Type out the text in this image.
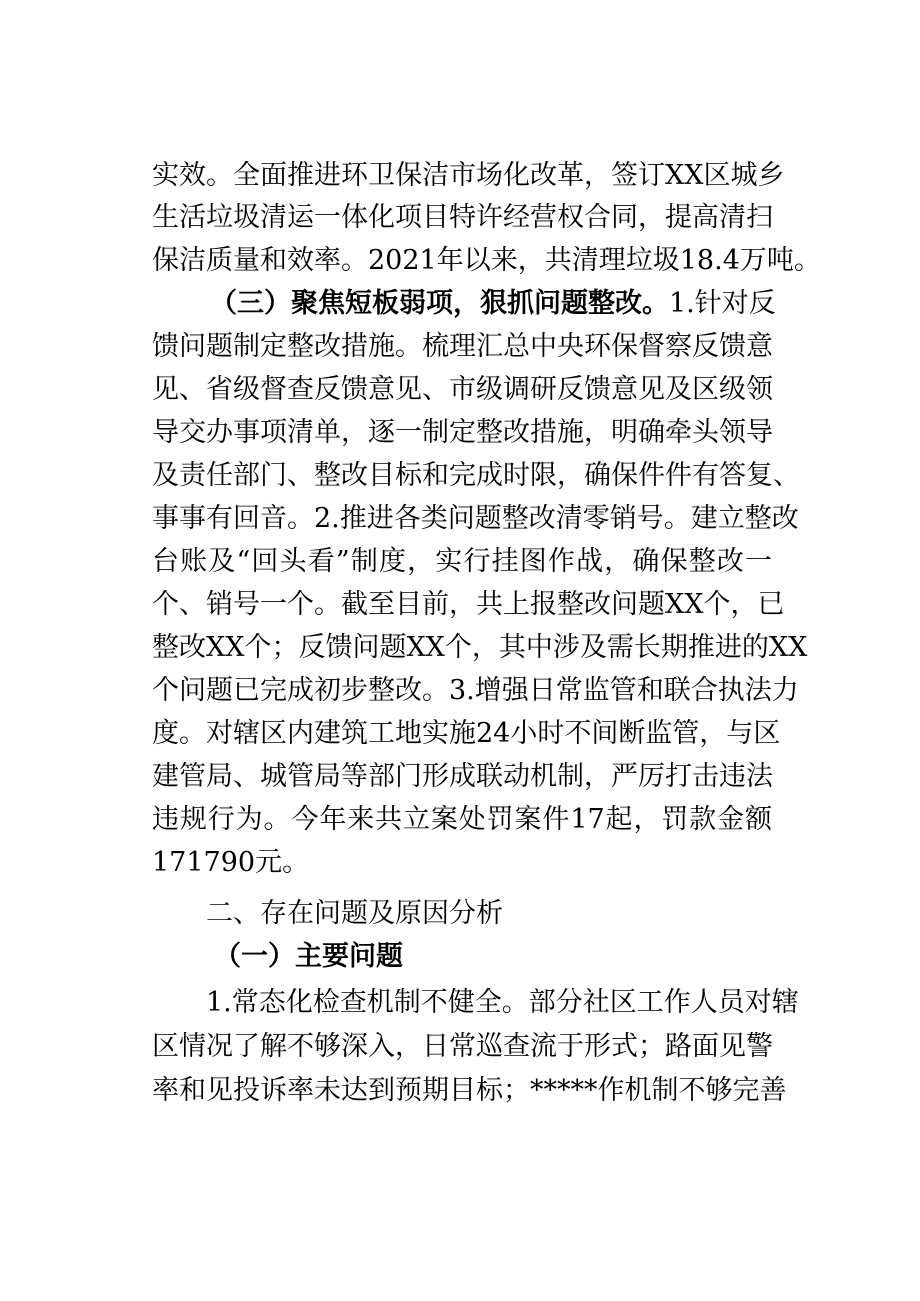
实效。全面推进环卫保洁市场化改革，签订XX区城乡
生活垃圾清运一体化项目特许经营权合同，提高清扫
保洁质量和效率。2021年以来，共清理垃圾18.4万吨。
（三）聚焦短板弱项，狠抓问题整改。1.针对反
馈问题制定整改措施。梳理汇总中央环保督察反馈意
见、省级督查反馈意见、市级调研反馈意见及区级领
导交办事项清单，逐一制定整改措施，明确牵头领导
及责任部门、整改目标和完成时限，确保件件有答复、
事事有回音。2.推进各类问题整改清零销号。建立整改
台账及“回头看”制度，实行挂图作战，确保整改一
个、销号一个。截至目前，共上报整改问题XX个，已
整改XX个；反馈问题XX个，其中涉及需长期推进的XX
个问题已完成初步整改。3.增强日常监管和联合执法力
度。对辖区内建筑工地实施24小时不间断监管，与区
建管局、城管局等部门形成联动机制，严厉打击违法
违规行为。今年来共立案处罚案件17起，罚款金额
171790元。
二、存在问题及原因分析
（一）主要问题
1.常态化检查机制不健全。部分社区工作人员对辖
区情况了解不够深入，日常巡查流于形式；路面见警
率和见投诉率未达到预期目标；*****作机制不够完善
